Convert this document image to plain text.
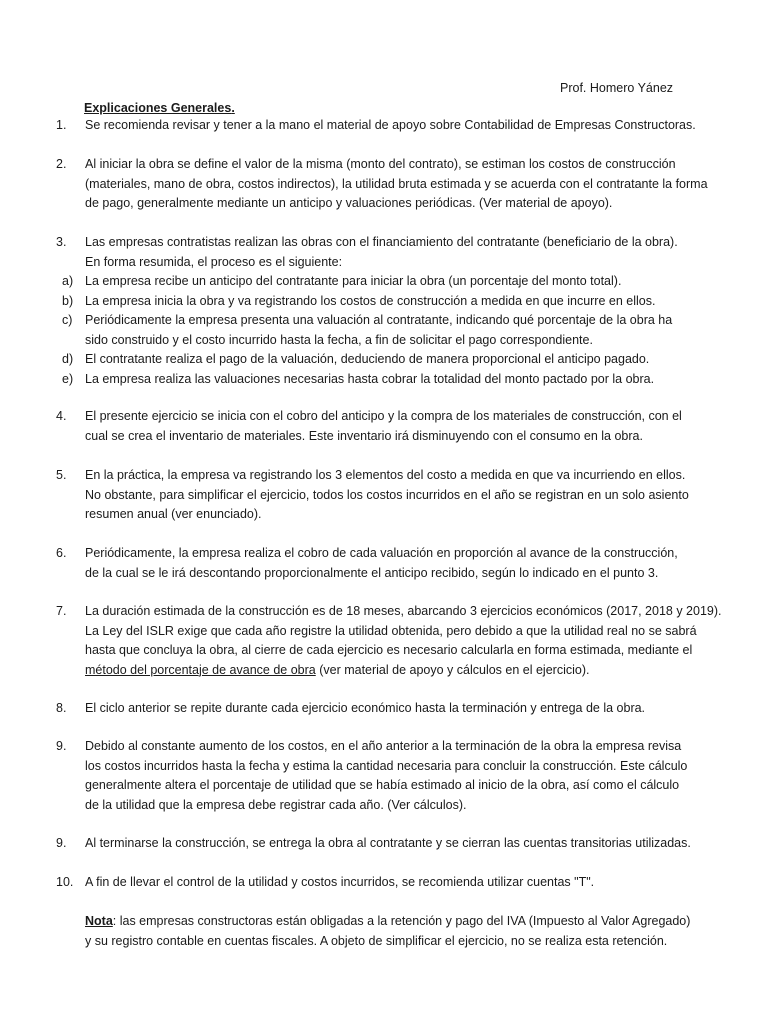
Prof. Homero Yánez
Explicaciones Generales.
1. Se recomienda revisar y tener a la mano el material de apoyo sobre Contabilidad de Empresas Constructoras.
2. Al iniciar la obra se define el valor de la misma (monto del contrato), se estiman los costos de construcción
(materiales, mano de obra, costos indirectos), la utilidad bruta estimada y se acuerda con el contratante la forma
de pago, generalmente mediante un anticipo y valuaciones periódicas. (Ver material de apoyo).
3. Las empresas contratistas realizan las obras con el financiamiento del contratante (beneficiario de la obra).
En forma resumida, el proceso es el siguiente:
a) La empresa recibe un anticipo del contratante para iniciar la obra (un porcentaje del monto total).
b) La empresa inicia la obra y va registrando los costos de construcción a medida en que incurre en ellos.
c) Periódicamente la empresa presenta una valuación al contratante, indicando qué porcentaje de la obra ha
sido construido y el costo incurrido hasta la fecha, a fin de solicitar el pago correspondiente.
d) El contratante realiza el pago de la valuación, deduciendo de manera proporcional el anticipo pagado.
e) La empresa realiza las valuaciones necesarias hasta cobrar la totalidad del monto pactado por la obra.
4. El presente ejercicio se inicia con el cobro del anticipo y la compra de los materiales de construcción, con el
cual se crea el inventario de materiales. Este inventario irá disminuyendo con el consumo en la obra.
5. En la práctica, la empresa va registrando los 3 elementos del costo a medida en que va incurriendo en ellos.
No obstante, para simplificar el ejercicio, todos los costos incurridos en el año se registran en un solo asiento
resumen anual (ver enunciado).
6. Periódicamente, la empresa realiza el cobro de cada valuación en proporción al avance de la construcción,
de la cual se le irá descontando proporcionalmente el anticipo recibido, según lo indicado en el punto 3.
7. La duración estimada de la construcción es de 18 meses, abarcando 3 ejercicios económicos (2017, 2018 y 2019).
La Ley del ISLR exige que cada año registre la utilidad obtenida, pero debido a que la utilidad real no se sabrá
hasta que concluya la obra, al cierre de cada ejercicio es necesario calcularla en forma estimada, mediante el
método del porcentaje de avance de obra (ver material de apoyo y cálculos en el ejercicio).
8. El ciclo anterior se repite durante cada ejercicio económico hasta la terminación y entrega de la obra.
9. Debido al constante aumento de los costos, en el año anterior a la terminación de la obra la empresa revisa
los costos incurridos hasta la fecha y estima la cantidad necesaria para concluir la construcción. Este cálculo
generalmente altera el porcentaje de utilidad que se había estimado al inicio de la obra, así como el cálculo
de la utilidad que la empresa debe registrar cada año. (Ver cálculos).
9. Al terminarse la construcción, se entrega la obra al contratante y se cierran las cuentas transitorias utilizadas.
10. A fin de llevar el control de la utilidad y costos incurridos, se recomienda utilizar cuentas "T".
Nota: las empresas constructoras están obligadas a la retención y pago del IVA (Impuesto al Valor Agregado)
y su registro contable en cuentas fiscales. A objeto de simplificar el ejercicio, no se realiza esta retención.
